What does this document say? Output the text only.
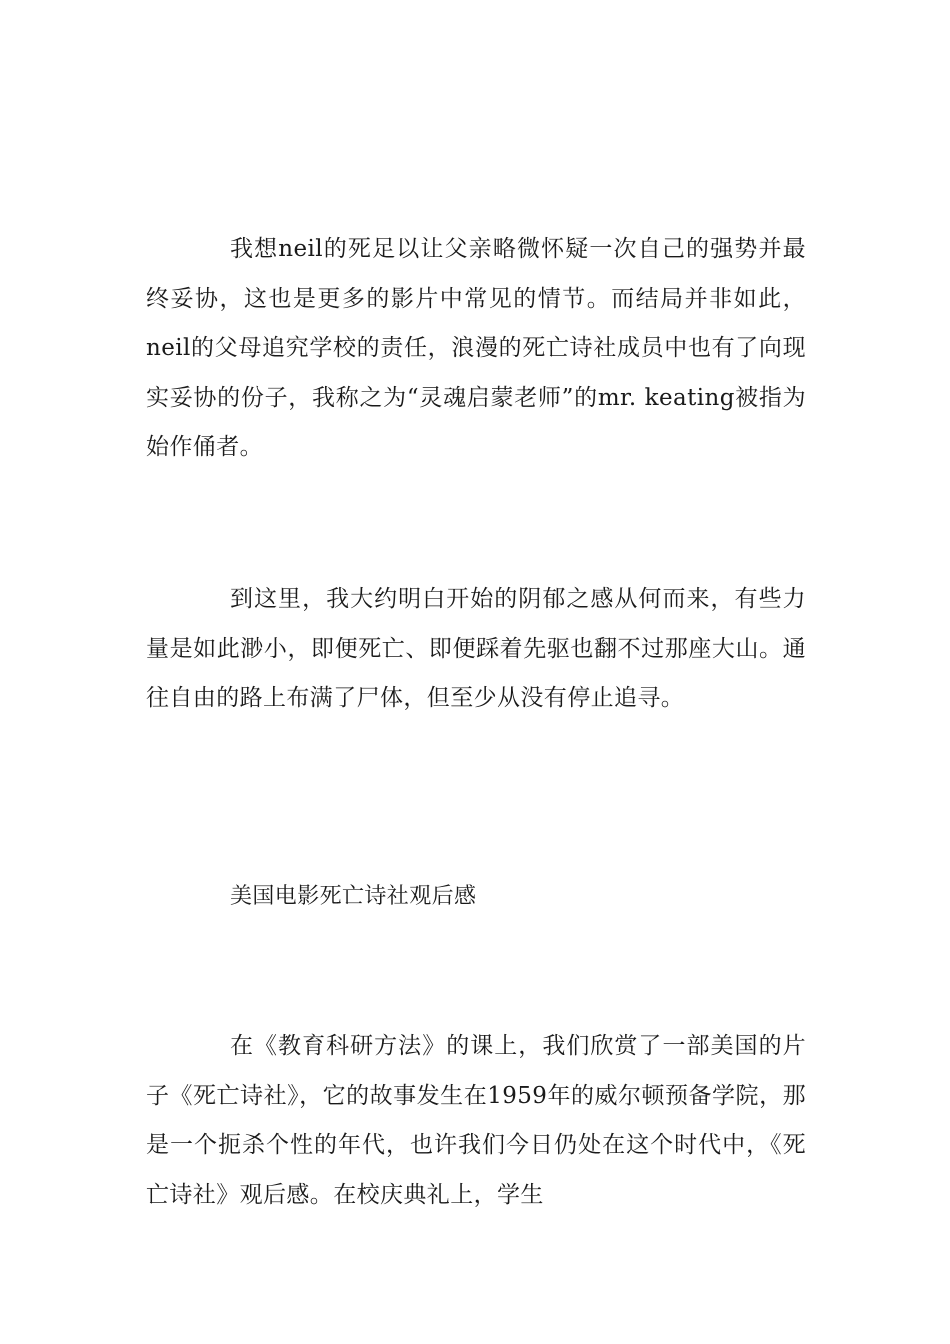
我想neil的死足以让父亲略微怀疑一次自己的强势并最终妥协，这也是更多的影片中常见的情节。而结局并非如此，neil的父母追究学校的责任，浪漫的死亡诗社成员中也有了向现实妥协的份子，我称之为“灵魂启蒙老师”的mr. keating被指为始作俑者。

到这里，我大约明白开始的阴郁之感从何而来，有些力量是如此渺小，即便死亡、即便踩着先驱也翻不过那座大山。通往自由的路上布满了尸体，但至少从没有停止追寻。

美国电影死亡诗社观后感

在《教育科研方法》的课上，我们欣赏了一部美国的片子《死亡诗社》，它的故事发生在1959年的威尔顿预备学院，那是一个扼杀个性的年代，也许我们今日仍处在这个时代中，《死亡诗社》观后感。在校庆典礼上，学生
